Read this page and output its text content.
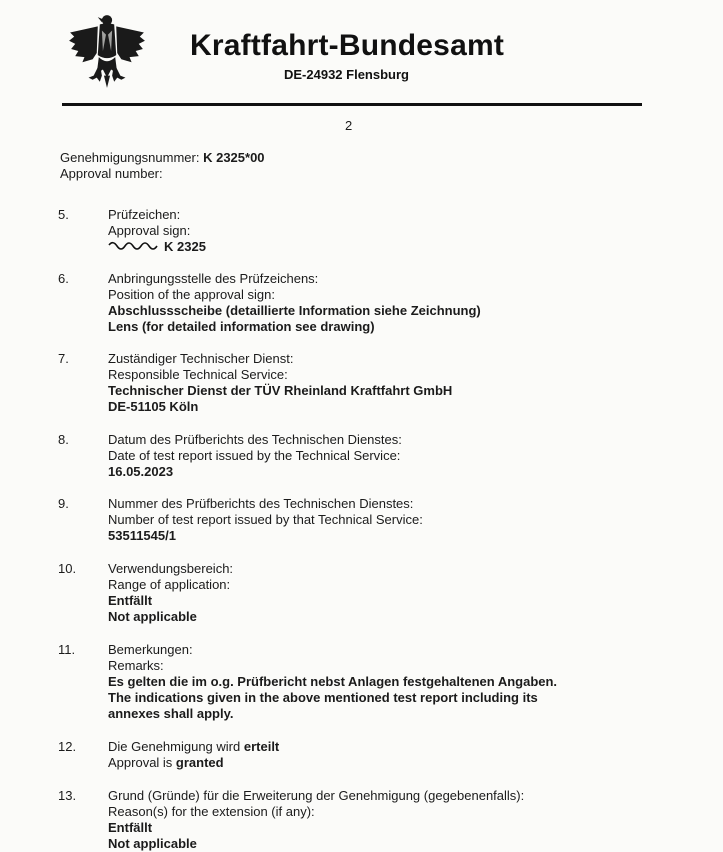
Kraftfahrt-Bundesamt
DE-24932 Flensburg
2
Genehmigungsnummer: K 2325*00
Approval number:
5.	Prüfzeichen:
Approval sign:
K 2325
6.	Anbringungsstelle des Prüfzeichens:
Position of the approval sign:
Abschlussscheibe (detaillierte Information siehe Zeichnung)
Lens (for detailed information see drawing)
7.	Zuständiger Technischer Dienst:
Responsible Technical Service:
Technischer Dienst der TÜV Rheinland Kraftfahrt GmbH
DE-51105 Köln
8.	Datum des Prüfberichts des Technischen Dienstes:
Date of test report issued by the Technical Service:
16.05.2023
9.	Nummer des Prüfberichts des Technischen Dienstes:
Number of test report issued by that Technical Service:
53511545/1
10. Verwendungsbereich:
Range of application:
Entfällt
Not applicable
11.	Bemerkungen:
Remarks:
Es gelten die im o.g. Prüfbericht nebst Anlagen festgehaltenen Angaben.
The indications given in the above mentioned test report including its
annexes shall apply.
12. Die Genehmigung wird erteilt
Approval is granted
13. Grund (Gründe) für die Erweiterung der Genehmigung (gegebenenfalls):
Reason(s) for the extension (if any):
Entfällt
Not applicable
